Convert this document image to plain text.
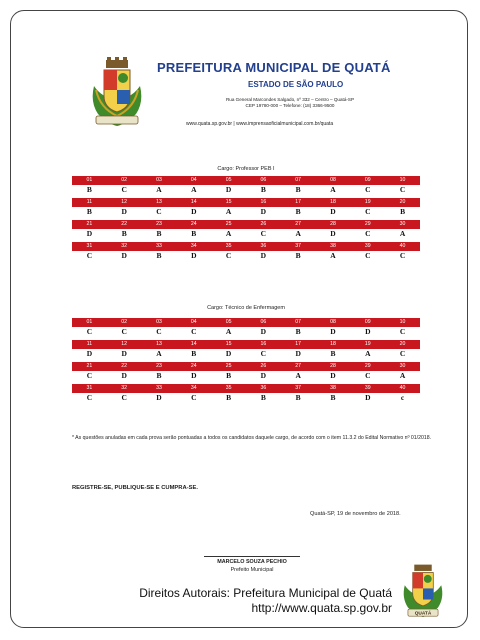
PREFEITURA MUNICIPAL DE QUATÁ
ESTADO DE SÃO PAULO
Rua General Marcondes Salgado, nº 332 – Centro – Quatá-SP
CEP 19780-000 – Telefone: (18) 3366-9500
www.quata.sp.gov.br | www.imprensaoficialmunicipal.com.br/quata
Cargo: Professor PEB I
01	02	03	04	05	06	07	08	09	10
B	C	A	A	D	B	B	A	C	C
11	12	13	14	15	16	17	18	19	20
B	D	C	D	A	D	B	D	C	B
21	22	23	24	25	26	27	28	29	30
D	B	B	B	A	C	A	D	C	A
31	32	33	34	35	36	37	38	39	40
C	D	B	D	C	D	B	A	C	C
Cargo: Técnico de Enfermagem
01	02	03	04	05	06	07	08	09	10
C	C	C	C	A	D	B	D	D	C
11	12	13	14	15	16	17	18	19	20
D	D	A	B	D	C	D	B	A	C
21	22	23	24	25	26	27	28	29	30
C	D	B	D	B	D	A	D	C	A
31	32	33	34	35	36	37	38	39	40
C	C	D	C	B	B	B	B	D	c
* As questões anuladas em cada prova serão pontuadas a todos os candidatos daquele cargo, de acordo com o item 11.3.2 do Edital Normativo nº 01/2018.
REGISTRE-SE, PUBLIQUE-SE E CUMPRA-SE.
Quatá-SP, 19 de novembro de 2018.
MARCELO SOUZA PECHIO
Prefeito Municipal
Direitos Autorais: Prefeitura Municipal de Quatá
http://www.quata.sp.gov.br	QUATÁ
